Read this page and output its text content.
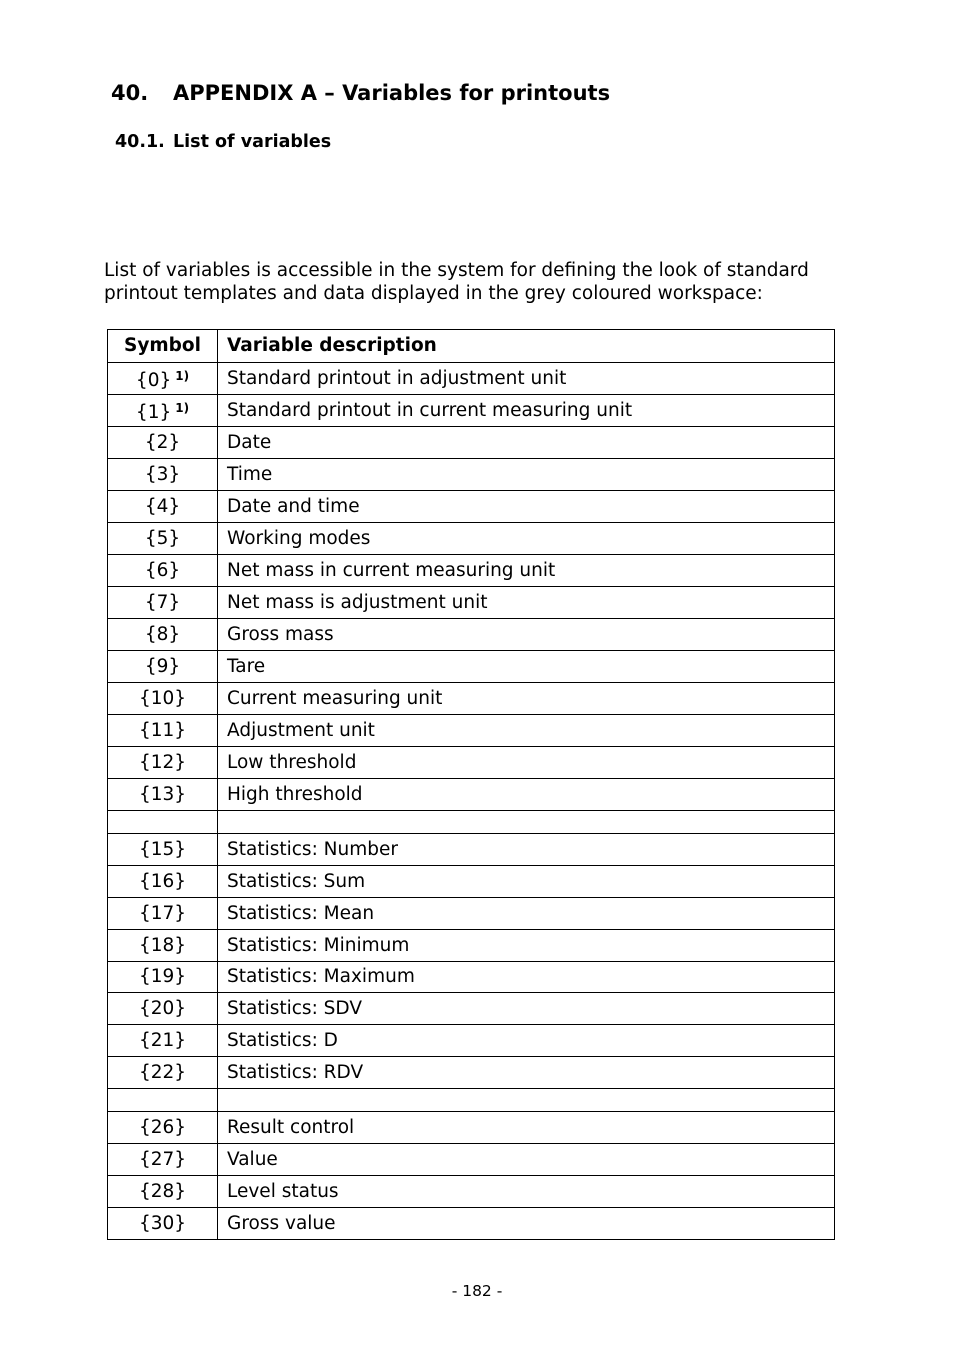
40. APPENDIX A – Variables for printouts
40.1. List of variables

List of variables is accessible in the system for defining the look of standard printout templates and data displayed in the grey coloured workspace:

Symbol	Variable description
{0} $^{1)}$	Standard printout in adjustment unit
{1} $^{1)}$	Standard printout in current measuring unit
{2}	Date
{3}	Time
{4}	Date and time
{5}	Working modes
{6}	Net mass in current measuring unit
{7}	Net mass is adjustment unit
{8}	Gross mass
{9}	Tare
{10}	Current measuring unit
{11}	Adjustment unit
{12}	Low threshold
{13}	High threshold

{15}	Statistics: Number
{16}	Statistics: Sum
{17}	Statistics: Mean
{18}	Statistics: Minimum
{19}	Statistics: Maximum
{20}	Statistics: SDV
{21}	Statistics: D
{22}	Statistics: RDV

{26}	Result control
{27}	Value
{28}	Level status
{30}	Gross value
- 182 -
